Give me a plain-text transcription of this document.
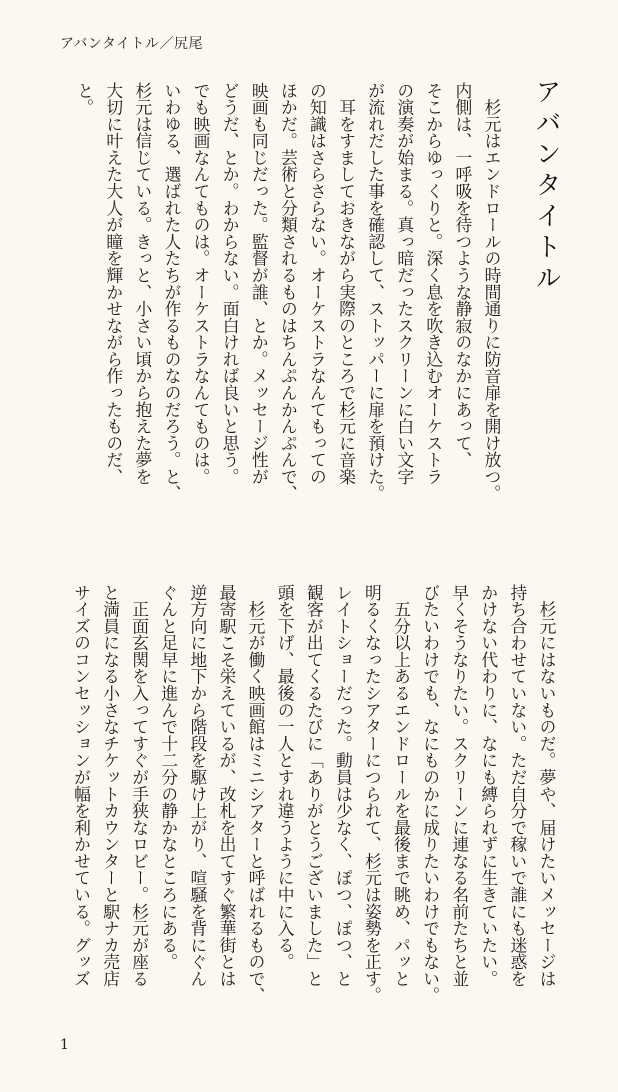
アバンタイトル／尻尾
アバンタイトル
　杉元はエンドロールの時間通りに防音扉を開け放つ。
内側は、一呼吸を待つような静寂のなかにあって、
そこからゆっくりと。深く息を吹き込むオーケストラ
の演奏が始まる。真っ暗だったスクリーンに白い文字
が流れだした事を確認して、ストッパーに扉を預けた。
　耳をすましておきながら実際のところで杉元に音楽
の知識はさらさらない。オーケストラなんてもっての
ほかだ。芸術と分類されるものはちんぷんかんぷんで、
映画も同じだった。監督が誰、とか。メッセージ性が
どうだ、とか。わからない。面白ければ良いと思う。
でも映画なんてものは。オーケストラなんてものは。
いわゆる、選ばれた人たちが作るものなのだろう。と、
杉元は信じている。きっと、小さい頃から抱えた夢を
大切に叶えた大人が瞳を輝かせながら作ったものだ、
と。
　杉元にはないものだ。夢や、届けたいメッセージは
持ち合わせていない。ただ自分で稼いで誰にも迷惑を
かけない代わりに、なにも縛られずに生きていたい。
早くそうなりたい。スクリーンに連なる名前たちと並
びたいわけでも、なにものかに成りたいわけでもない。
　五分以上あるエンドロールを最後まで眺め、パッと
明るくなったシアターにつられて、杉元は姿勢を正す。
レイトショーだった。動員は少なく、ぽつ、ぽつ、と
観客が出てくるたびに「ありがとうございました」と
頭を下げ、最後の一人とすれ違うように中に入る。
　杉元が働く映画館はミニシアターと呼ばれるもので、
最寄駅こそ栄えているが、改札を出てすぐ繁華街とは
逆方向に地下から階段を駆け上がり、喧騒を背にぐん
ぐんと足早に進んで十二分の静かなところにある。
　正面玄関を入ってすぐが手狭なロビー。杉元が座る
と満員になる小さなチケットカウンターと駅ナカ売店
サイズのコンセッションが幅を利かせている。グッズ
1
